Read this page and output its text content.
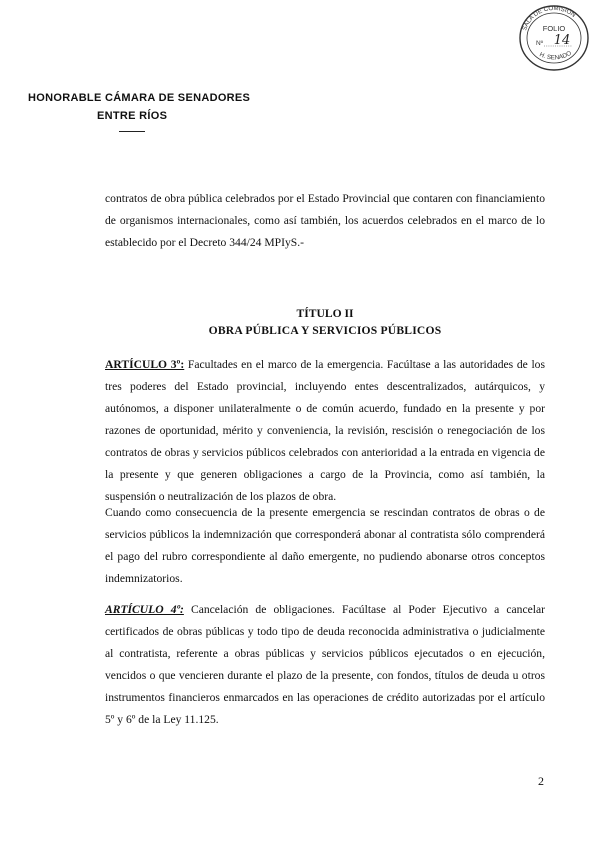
SALA DE COMISIÓN
H. SENADO
FOLIO
Nº 14
HONORABLE CÁMARA DE SENADORES
ENTRE RÍOS
contratos de obra pública celebrados por el Estado Provincial que contaren con financiamiento de organismos internacionales, como así también, los acuerdos celebrados en el marco de lo establecido por el Decreto 344/24 MPIyS.-
TÍTULO II
OBRA PÚBLICA Y SERVICIOS PÚBLICOS
ARTÍCULO 3º: Facultades en el marco de la emergencia. Facúltase a las autoridades de los tres poderes del Estado provincial, incluyendo entes descentralizados, autárquicos, y autónomos, a disponer unilateralmente o de común acuerdo, fundado en la presente y por razones de oportunidad, mérito y conveniencia, la revisión, rescisión o renegociación de los contratos de obras y servicios públicos celebrados con anterioridad a la entrada en vigencia de la presente y que generen obligaciones a cargo de la Provincia, como así también, la suspensión o neutralización de los plazos de obra.
Cuando como consecuencia de la presente emergencia se rescindan contratos de obras o de servicios públicos la indemnización que corresponderá abonar al contratista sólo comprenderá el pago del rubro correspondiente al daño emergente, no pudiendo abonarse otros conceptos indemnizatorios.
ARTÍCULO 4º: Cancelación de obligaciones. Facúltase al Poder Ejecutivo a cancelar certificados de obras públicas y todo tipo de deuda reconocida administrativa o judicialmente al contratista, referente a obras públicas y servicios públicos ejecutados o en ejecución, vencidos o que vencieren durante el plazo de la presente, con fondos, títulos de deuda u otros instrumentos financieros enmarcados en las operaciones de crédito autorizadas por el artículo 5º y 6º de la Ley 11.125.
2
